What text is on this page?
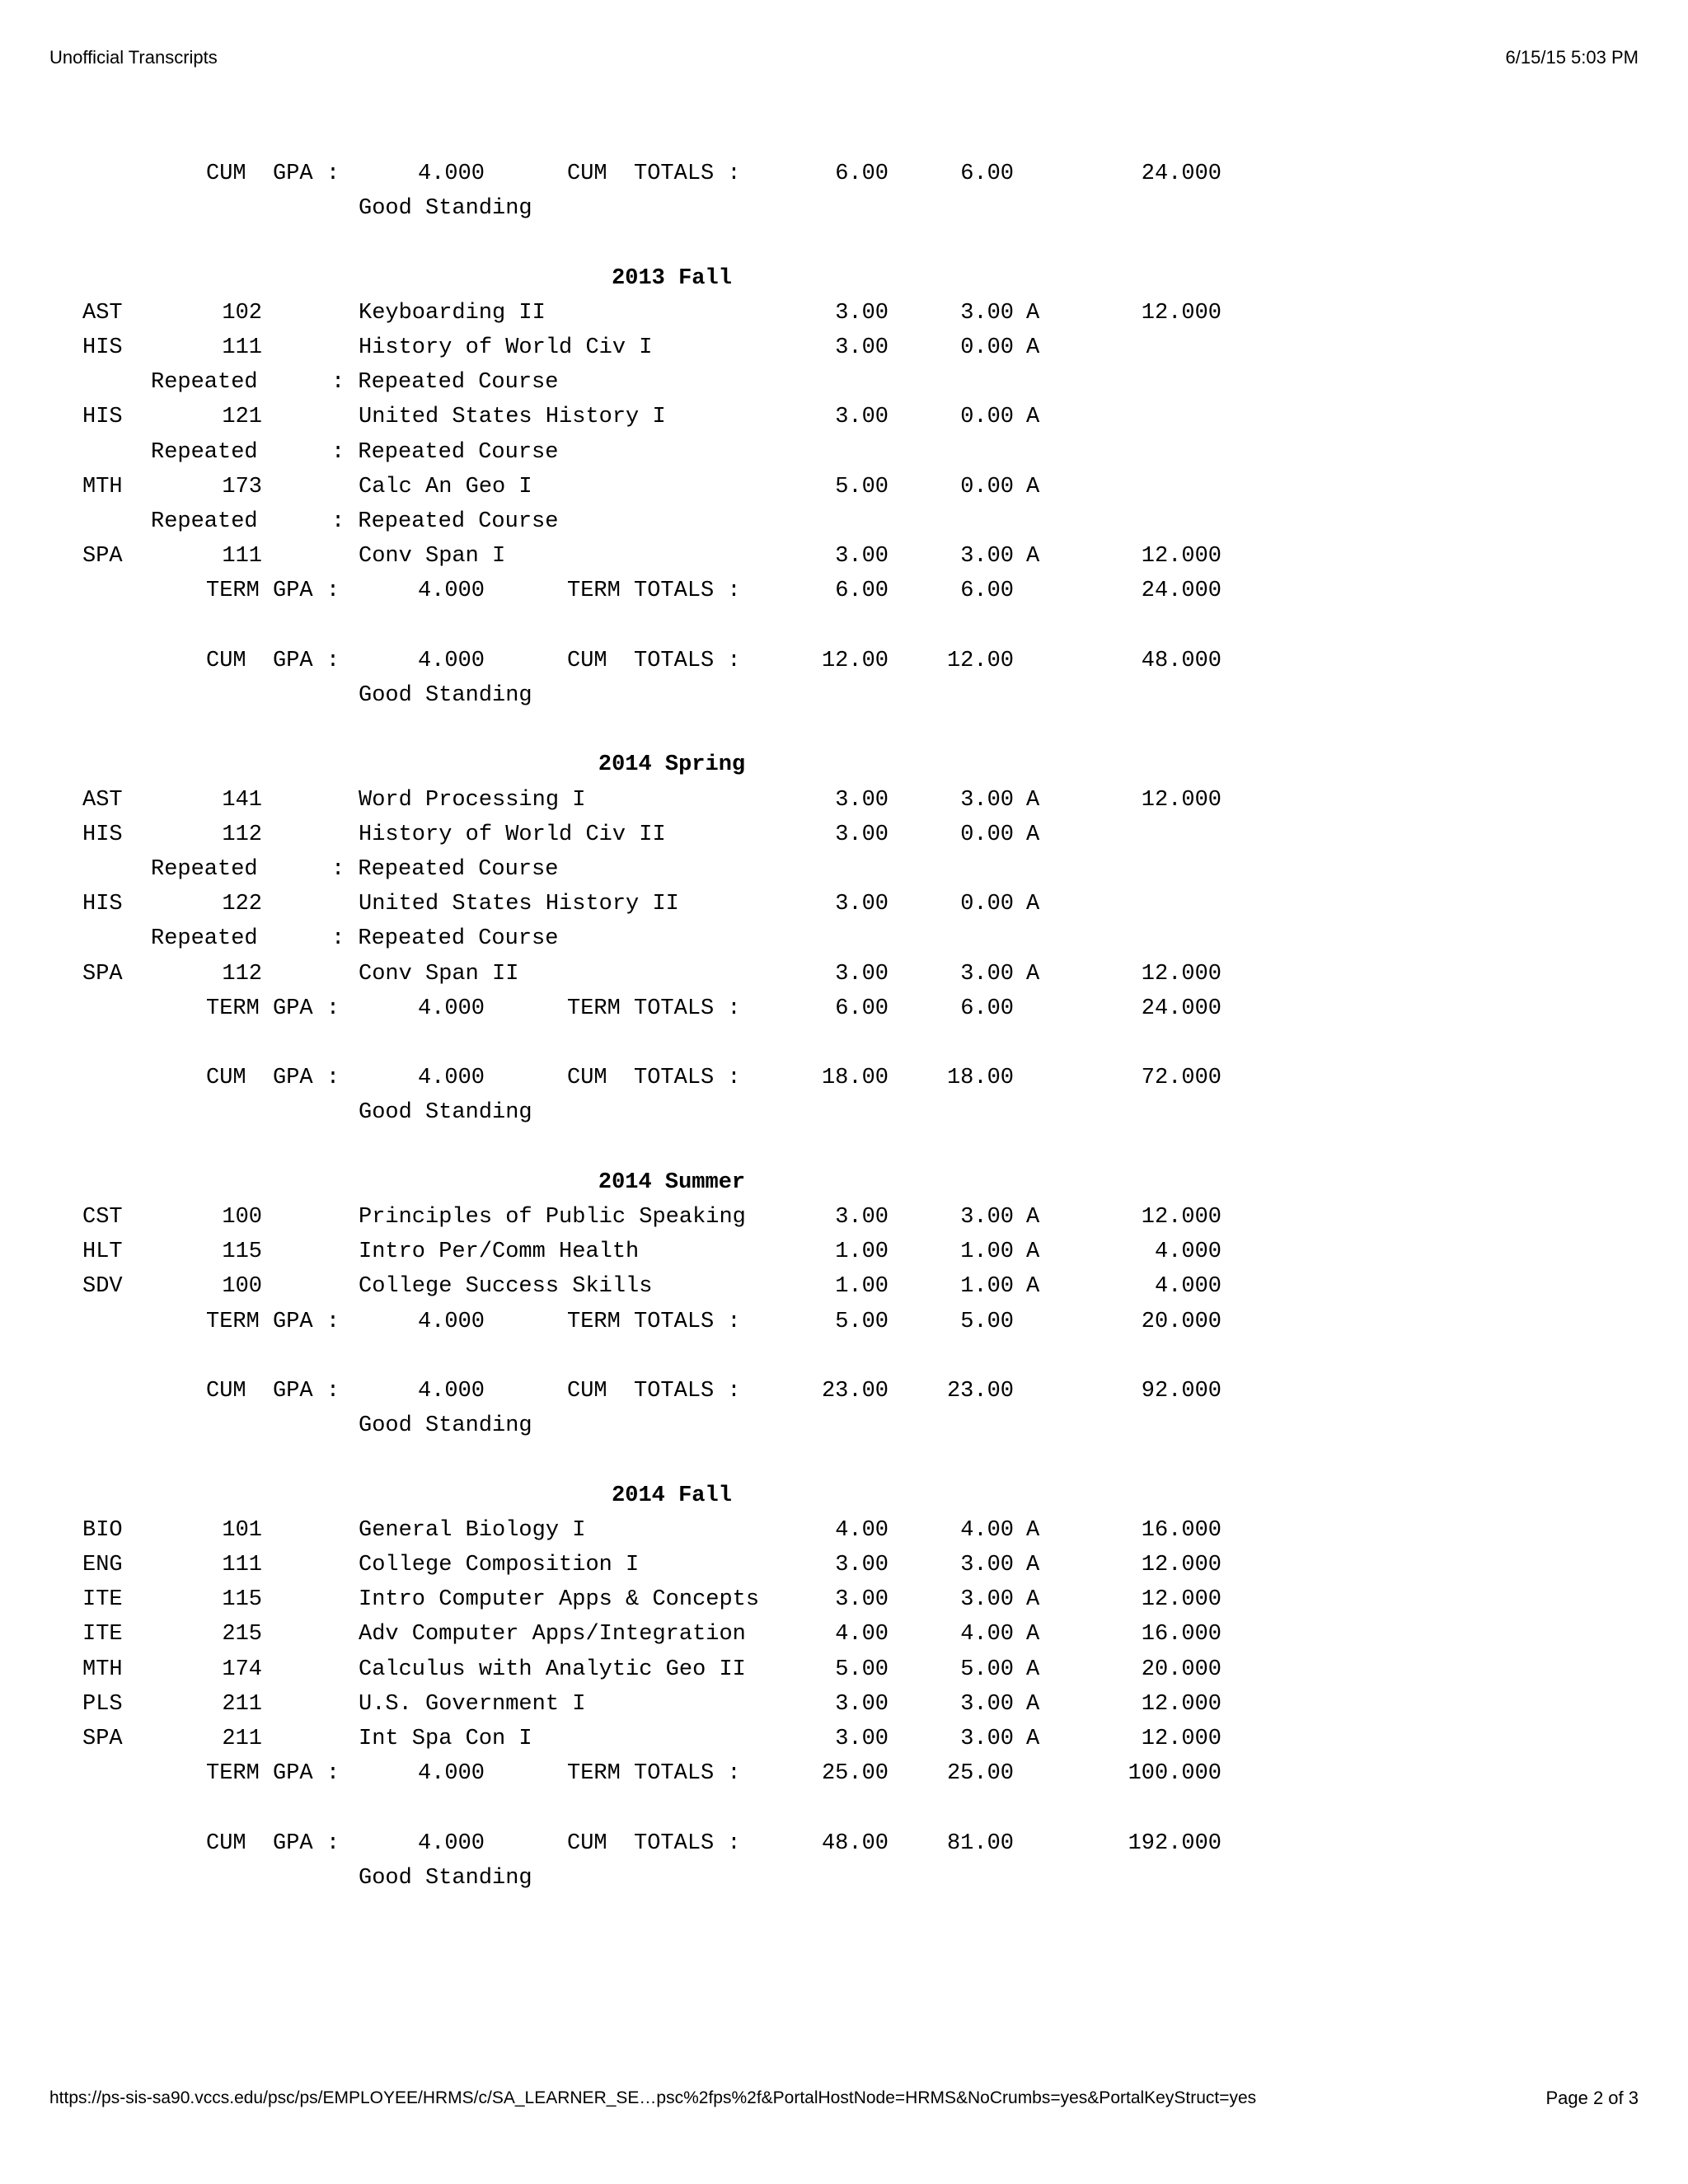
Unofficial Transcripts	6/15/15 5:03 PM
CUM  GPA :	4.000	CUM  TOTALS :	6.00	6.00	24.000
Good Standing
2013 Fall
AST	102	Keyboarding II	3.00	3.00 A	12.000
HIS	111	History of World Civ I	3.00	0.00 A
Repeated	: Repeated Course
HIS	121	United States History I	3.00	0.00 A
Repeated	: Repeated Course
MTH	173	Calc An Geo I	5.00	0.00 A
Repeated	: Repeated Course
SPA	111	Conv Span I	3.00	3.00 A	12.000
TERM GPA :	4.000	TERM TOTALS :	6.00	6.00	24.000
CUM  GPA :	4.000	CUM  TOTALS :	12.00	12.00	48.000
Good Standing
2014 Spring
AST	141	Word Processing I	3.00	3.00 A	12.000
HIS	112	History of World Civ II	3.00	0.00 A
Repeated	: Repeated Course
HIS	122	United States History II	3.00	0.00 A
Repeated	: Repeated Course
SPA	112	Conv Span II	3.00	3.00 A	12.000
TERM GPA :	4.000	TERM TOTALS :	6.00	6.00	24.000
CUM  GPA :	4.000	CUM  TOTALS :	18.00	18.00	72.000
Good Standing
2014 Summer
CST	100	Principles of Public Speaking	3.00	3.00 A	12.000
HLT	115	Intro Per/Comm Health	1.00	1.00 A	4.000
SDV	100	College Success Skills	1.00	1.00 A	4.000
TERM GPA :	4.000	TERM TOTALS :	5.00	5.00	20.000
CUM  GPA :	4.000	CUM  TOTALS :	23.00	23.00	92.000
Good Standing
2014 Fall
BIO	101	General Biology I	4.00	4.00 A	16.000
ENG	111	College Composition I	3.00	3.00 A	12.000
ITE	115	Intro Computer Apps & Concepts	3.00	3.00 A	12.000
ITE	215	Adv Computer Apps/Integration	4.00	4.00 A	16.000
MTH	174	Calculus with Analytic Geo II	5.00	5.00 A	20.000
PLS	211	U.S. Government I	3.00	3.00 A	12.000
SPA	211	Int Spa Con I	3.00	3.00 A	12.000
TERM GPA :	4.000	TERM TOTALS :	25.00	25.00	100.000
CUM  GPA :	4.000	CUM  TOTALS :	48.00	81.00	192.000
Good Standing
https://ps-sis-sa90.vccs.edu/psc/ps/EMPLOYEE/HRMS/c/SA_LEARNER_SE…psc%2fps%2f&PortalHostNode=HRMS&NoCrumbs=yes&PortalKeyStruct=yes	Page 2 of 3
